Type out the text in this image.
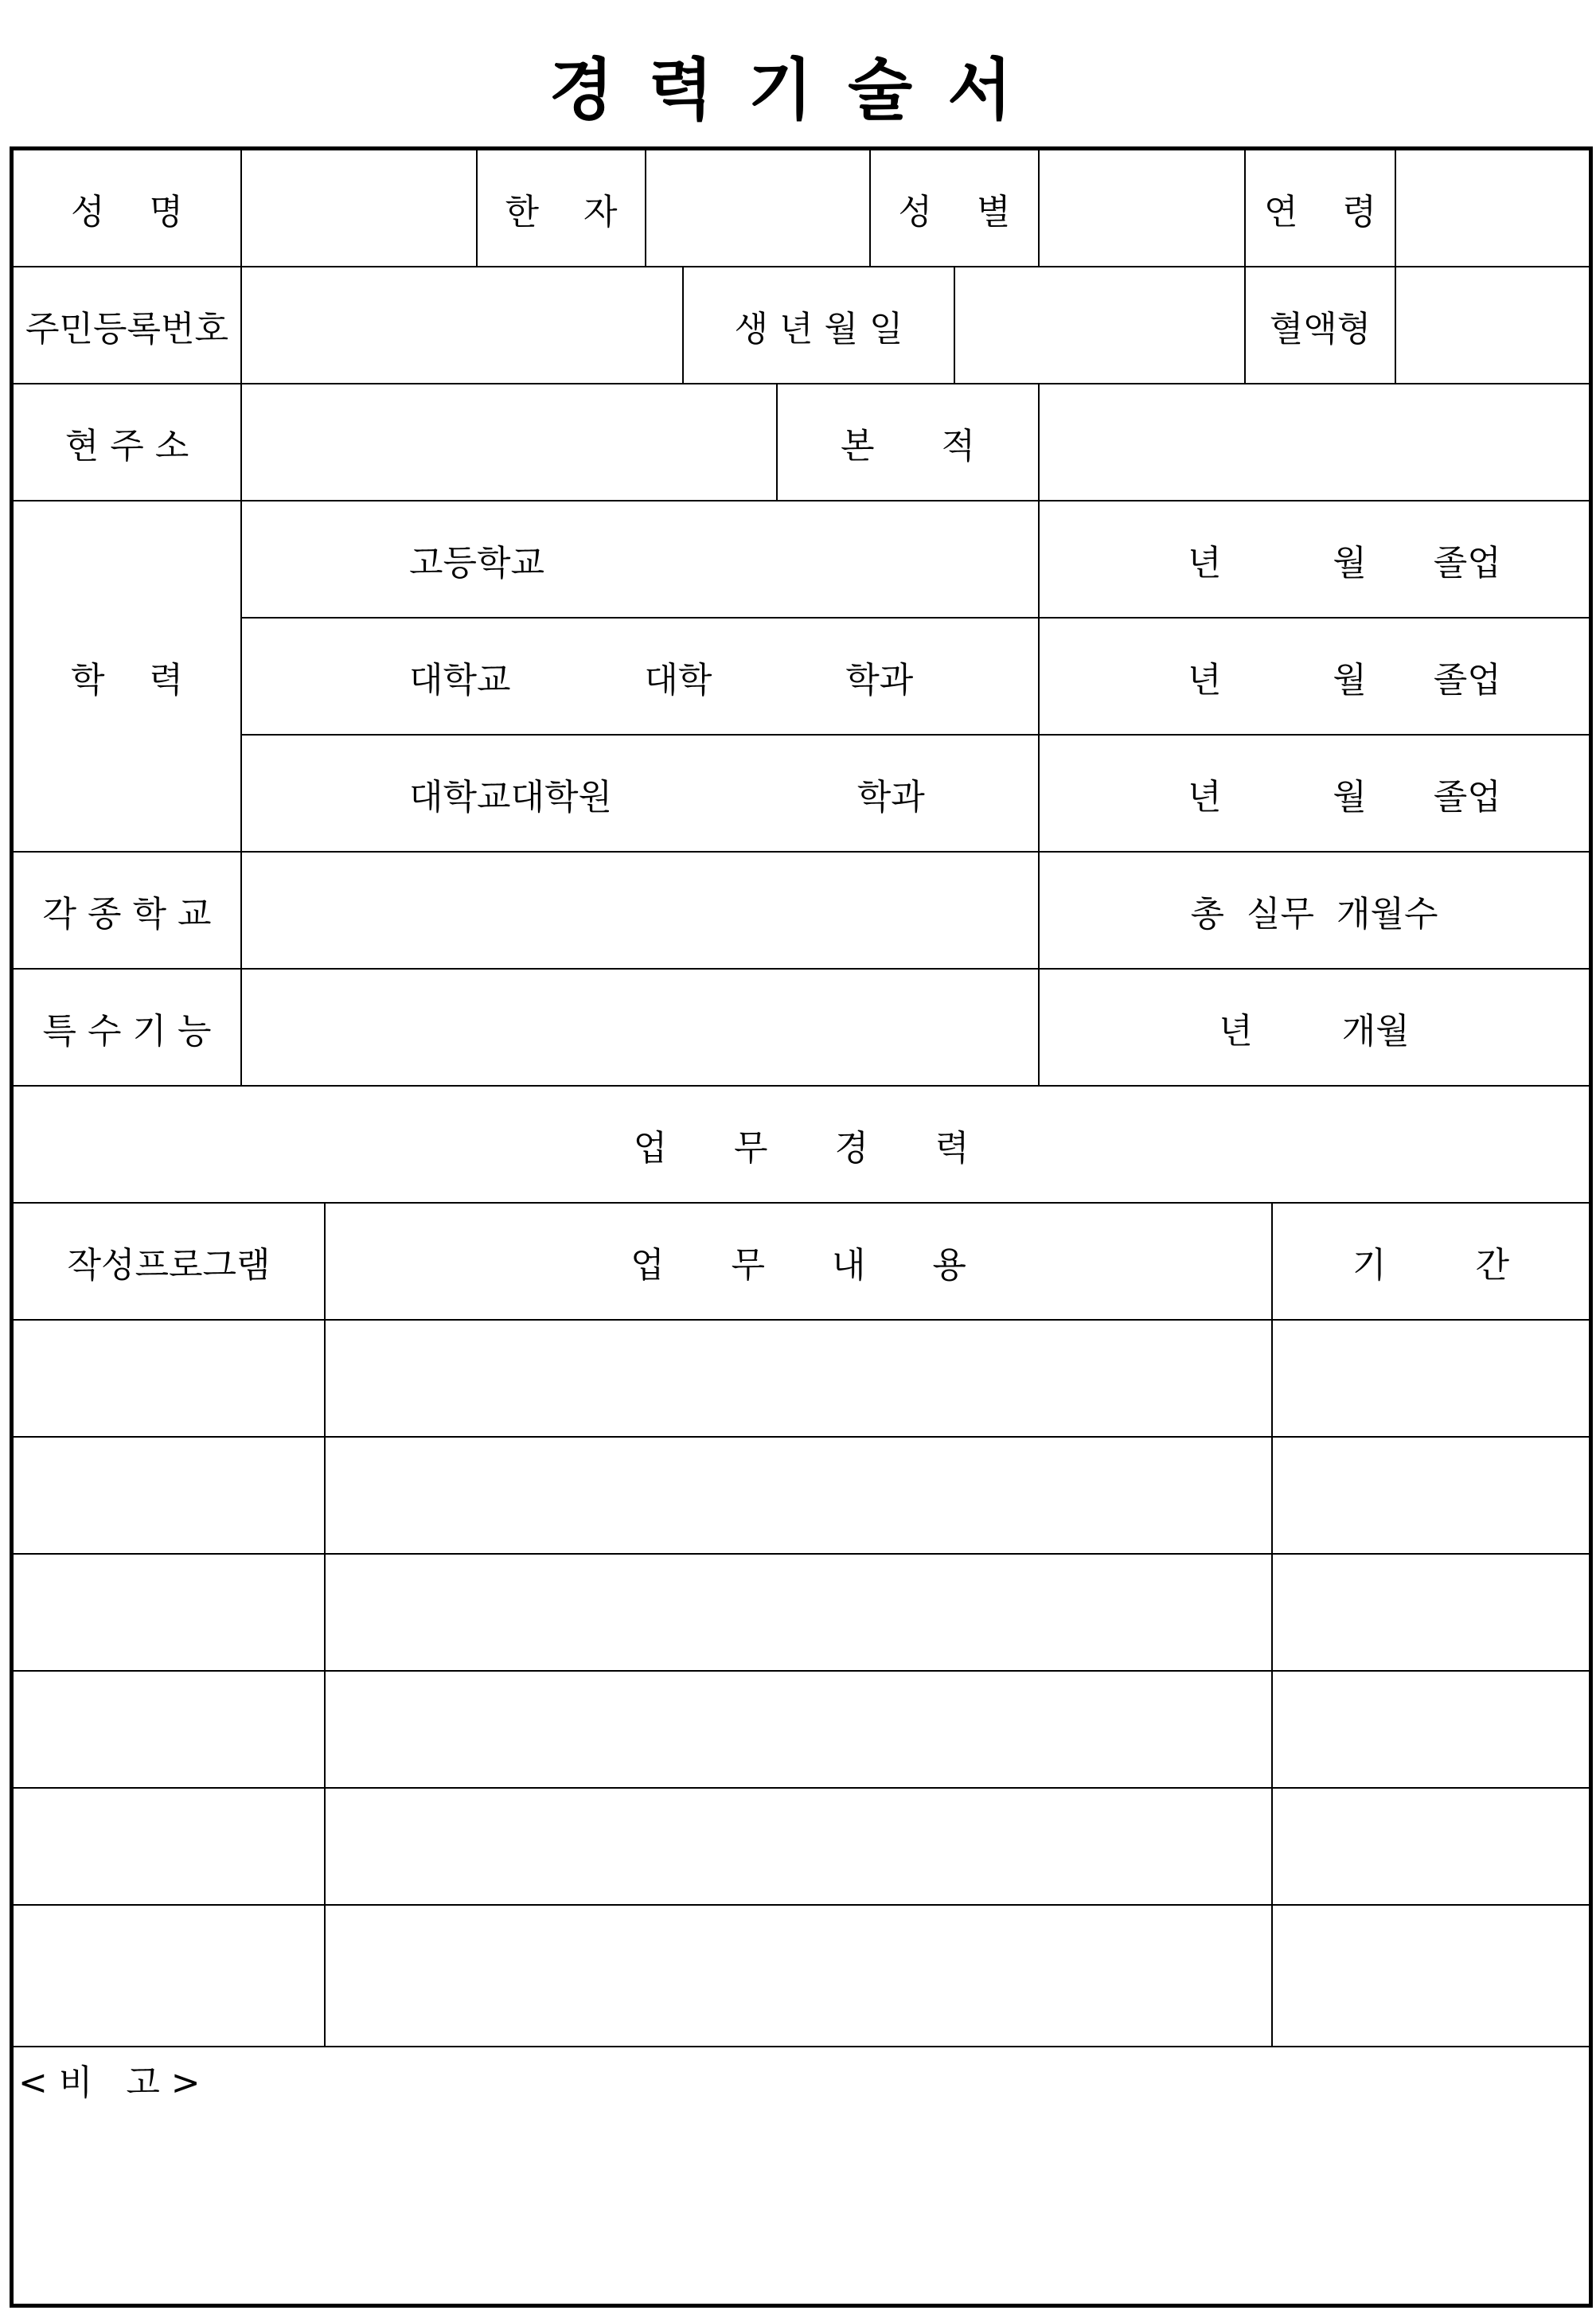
경력기술서
성    명	한    자	성    별	연    령
주민등록번호	생 년 월 일	혈액형
현 주 소	본      적
학    력
고등학교	년          월      졸업
대학교            대학            학과	년          월      졸업
대학교대학원                      학과	년          월      졸업
각 종 학 교	총  실무  개월수
특 수 기 능	년        개월
업      무      경      력
작성프로그램	업      무      내      용	기        간
< 비   고 >
